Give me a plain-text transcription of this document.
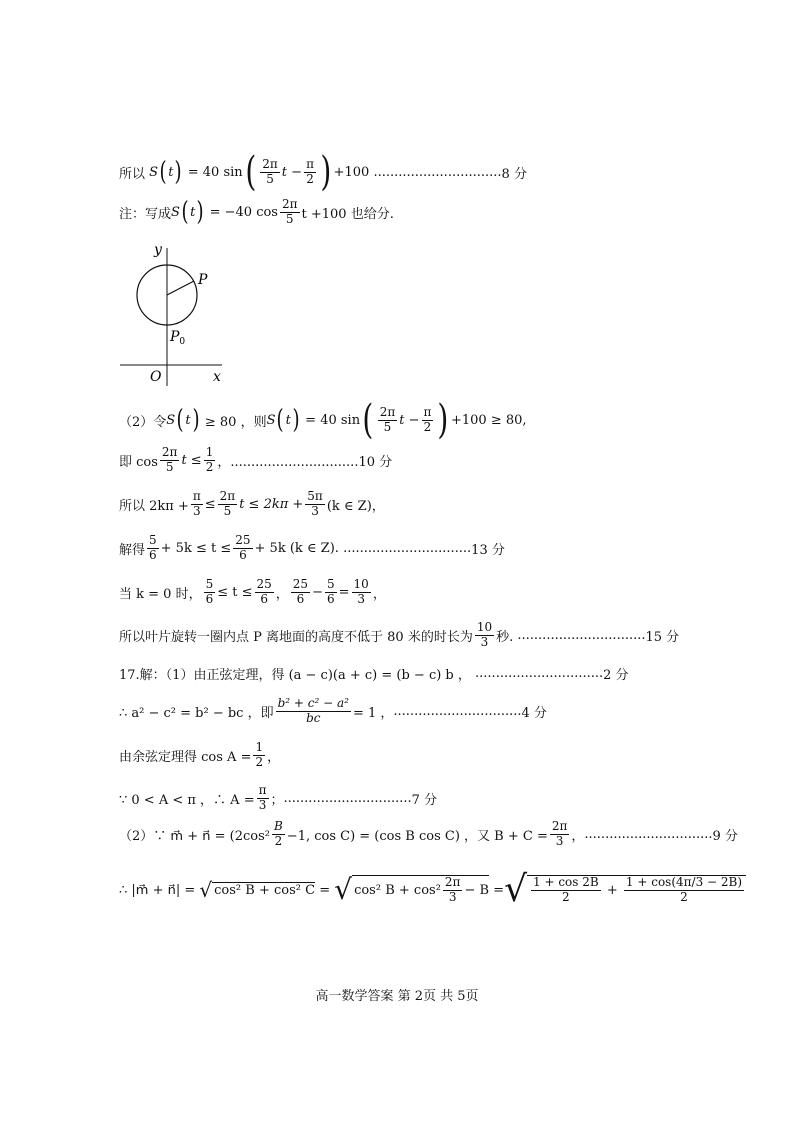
所以
S ( t )
= 40 sin ( $\frac{2\pi}{5}$ t
− $\frac{\pi}{2}$ ) +100
............................... 8 分
注：写成 S ( t )
= −40 $\cos \frac{2\pi}{5}$ t +100 也给分.
y
x
O
P
$P_0$
（2）令 S ( t )
≥ 80 ，则 S ( t )
= 40 sin ( $\frac{2\pi}{5}$ t
− $\frac{\pi}{2}$ ) +100 ≥ 80,
即 $\cos \frac{2\pi}{5}$ $t \le \frac{1}{2}$ ，............................... 10 分
所以 $2k\pi + \frac{\pi}{3} \le \frac{2\pi}{5}$ $t \le 2k\pi + \frac{5\pi}{3} (k$ ∈ Z)，
解得 $\frac{5}{6} + 5k \le t \le \frac{25}{6} + 5k$ (k ∈ Z).
............................... 13 分
当 k = 0 时， $\frac{5}{6} \le t \le \frac{25}{6}$ ， $\frac{25}{6} - \frac{5}{6} = \frac{10}{3}$ ，
所以叶片旋转一圈内点 P 离地面的高度不低于 80 米的时长为 $\frac{10}{3}$ 秒.
............................... 15 分
17.解：（1）由正弦定理，得 (a − c)(a + c) = (b − c) b ，
............................... 2 分
∴ a² − c² = b² − bc ，即 $\frac{\text{b² + c² − a²}}{bc} = 1$ ， ............................... 4 分
由余弦定理得 $\cos A = \frac{1}{2}$ ，
∵ 0 < A < π ，∴ $A = \frac{\pi}{3}$ ； ............................... 7 分
（2）∵ m⃗ + n⃗ = ($2\cos^2 \frac{B}{2} -1$, cos C) = (cos B cos C) ，又 $B + C = \frac{2\pi}{3}$ ， ............................... 9 分
∴ |m⃗ + n⃗| =
√ cos² B + cos² C
=
√ cos² $B + \cos^2 \frac{2\pi}{3} - B$
= √ $\frac{1 + \cos 2B}{2}$
+
$\frac{1 + \cos(4\pi/3 - 2B)}{2}$
高一数学答案 第 2页 共 5页
